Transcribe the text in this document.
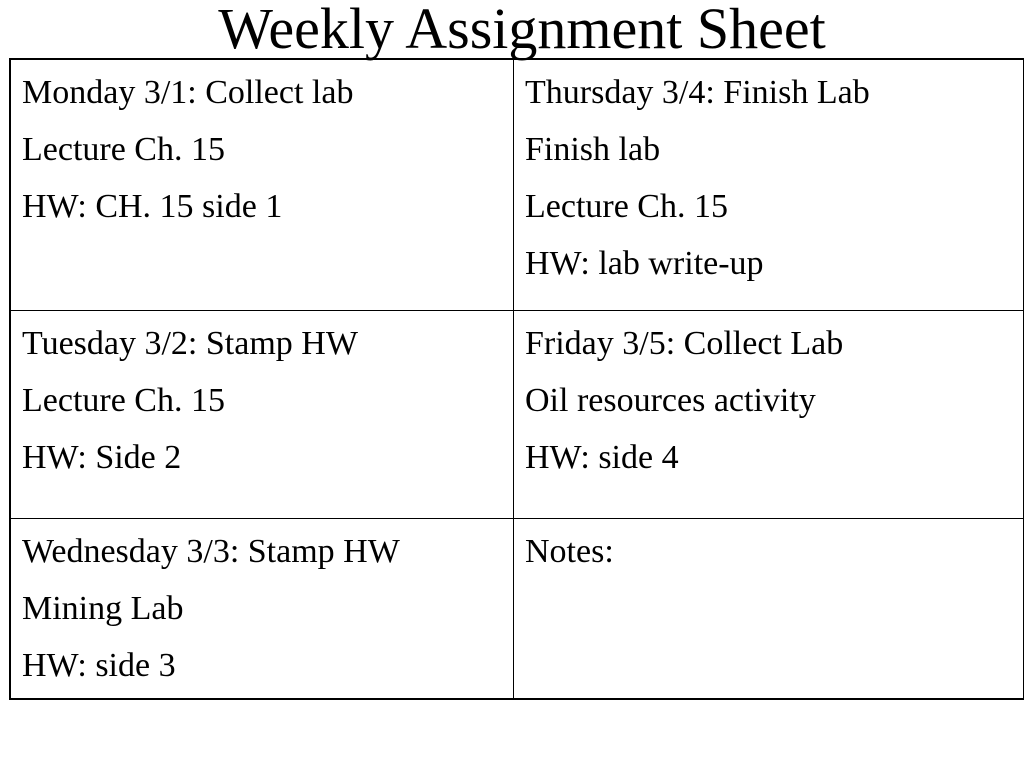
Weekly Assignment Sheet
Monday 3/1: Collect lab
Lecture Ch. 15
HW: CH. 15 side 1
Thursday 3/4: Finish Lab
Finish lab
Lecture Ch. 15
HW: lab write-up
Tuesday 3/2: Stamp HW
Lecture Ch. 15
HW: Side 2
Friday 3/5: Collect Lab
Oil resources activity
HW: side 4
Wednesday 3/3: Stamp HW
Mining Lab
HW: side 3
Notes:
